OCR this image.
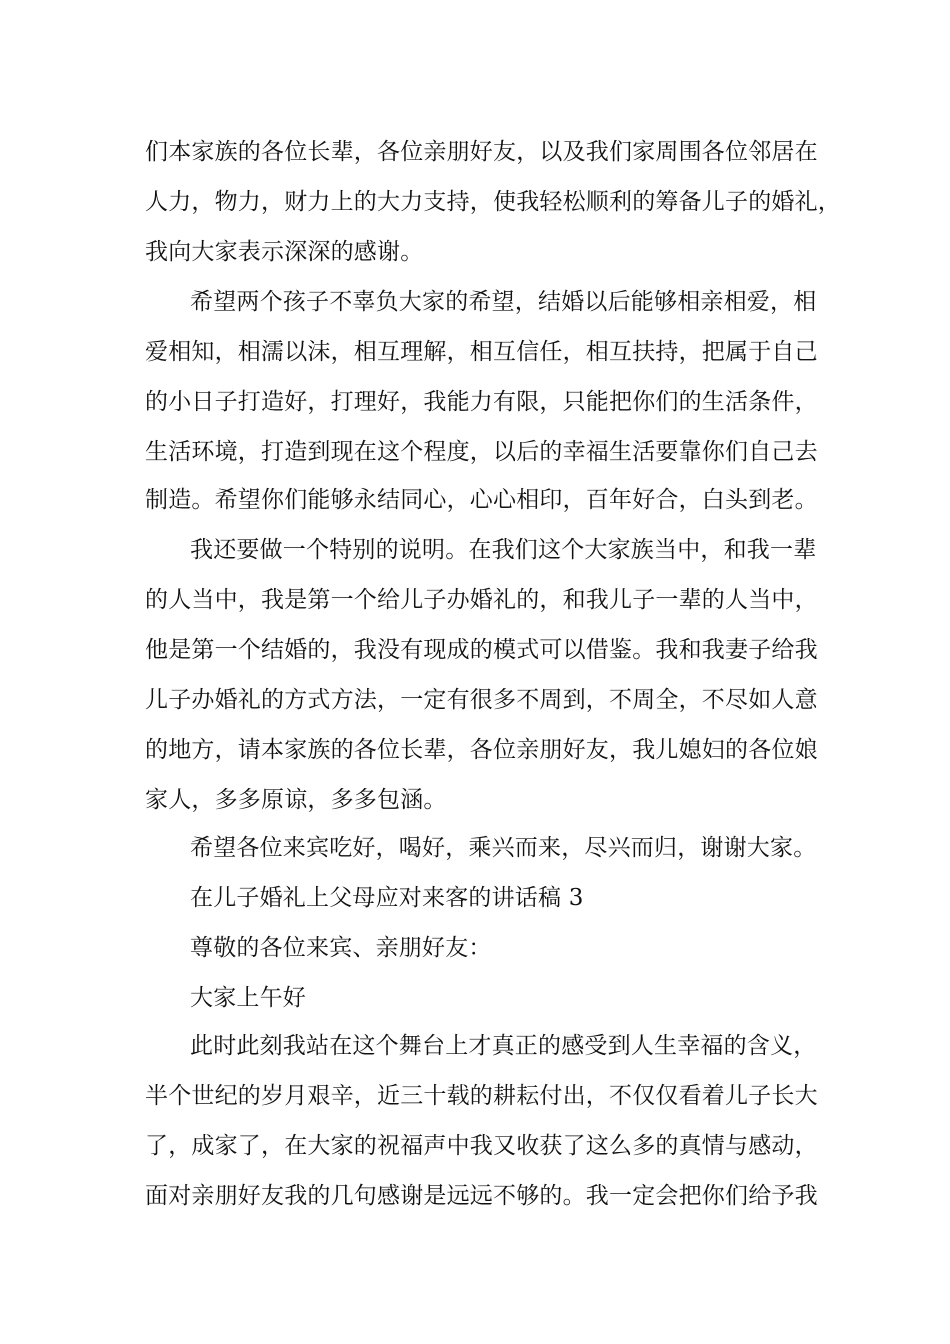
们本家族的各位长辈，各位亲朋好友，以及我们家周围各位邻居在
人力，物力，财力上的大力支持，使我轻松顺利的筹备儿子的婚礼，
我向大家表示深深的感谢。
希望两个孩子不辜负大家的希望，结婚以后能够相亲相爱，相
爱相知，相濡以沫，相互理解，相互信任，相互扶持，把属于自己
的小日子打造好，打理好，我能力有限，只能把你们的生活条件，
生活环境，打造到现在这个程度，以后的幸福生活要靠你们自己去
制造。希望你们能够永结同心，心心相印，百年好合，白头到老。
我还要做一个特别的说明。在我们这个大家族当中，和我一辈
的人当中，我是第一个给儿子办婚礼的，和我儿子一辈的人当中，
他是第一个结婚的，我没有现成的模式可以借鉴。我和我妻子给我
儿子办婚礼的方式方法，一定有很多不周到，不周全，不尽如人意
的地方，请本家族的各位长辈，各位亲朋好友，我儿媳妇的各位娘
家人，多多原谅，多多包涵。
希望各位来宾吃好，喝好，乘兴而来，尽兴而归，谢谢大家。
在儿子婚礼上父母应对来客的讲话稿 3
尊敬的各位来宾、亲朋好友：
大家上午好
此时此刻我站在这个舞台上才真正的感受到人生幸福的含义，
半个世纪的岁月艰辛，近三十载的耕耘付出，不仅仅看着儿子长大
了，成家了，在大家的祝福声中我又收获了这么多的真情与感动，
面对亲朋好友我的几句感谢是远远不够的。我一定会把你们给予我
